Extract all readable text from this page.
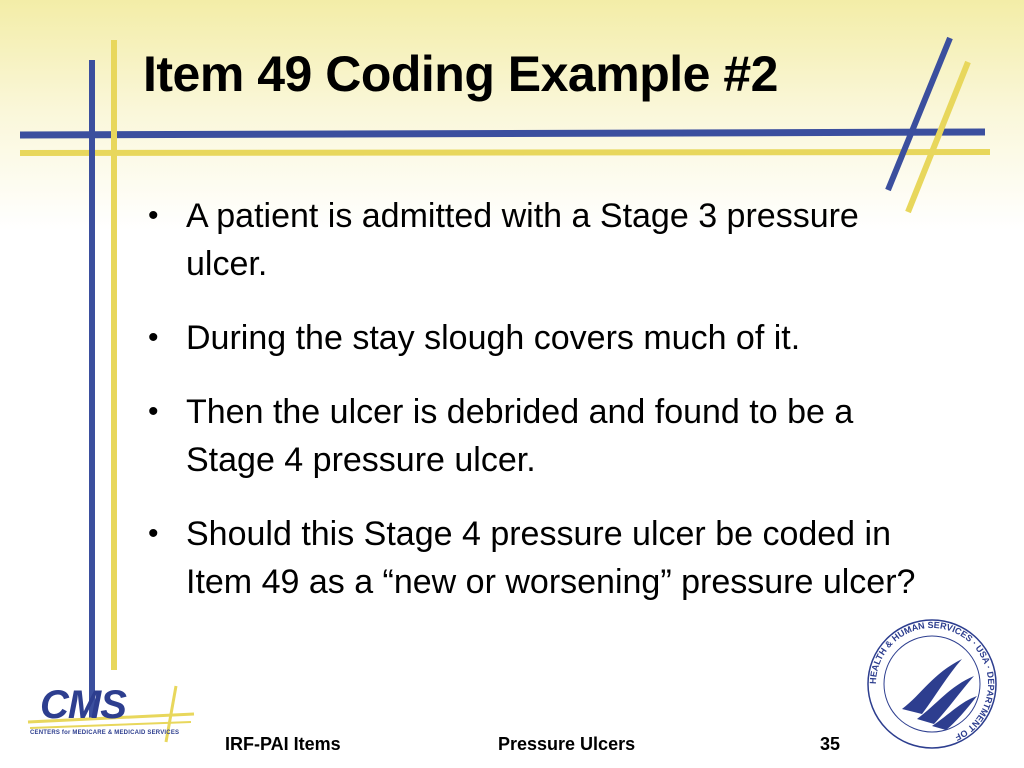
Item 49 Coding Example #2
• A patient is admitted with a Stage 3 pressure ulcer.
• During the stay slough covers much of it.
• Then the ulcer is debrided and found to be a Stage 4 pressure ulcer.
• Should this Stage 4 pressure ulcer be coded in Item 49 as a “new or worsening” pressure ulcer?
CMS
CENTERS for MEDICARE & MEDICAID SERVICES
HEALTH & HUMAN SERVICES · USA · DEPARTMENT OF
IRF-PAI Items	Pressure Ulcers	35
